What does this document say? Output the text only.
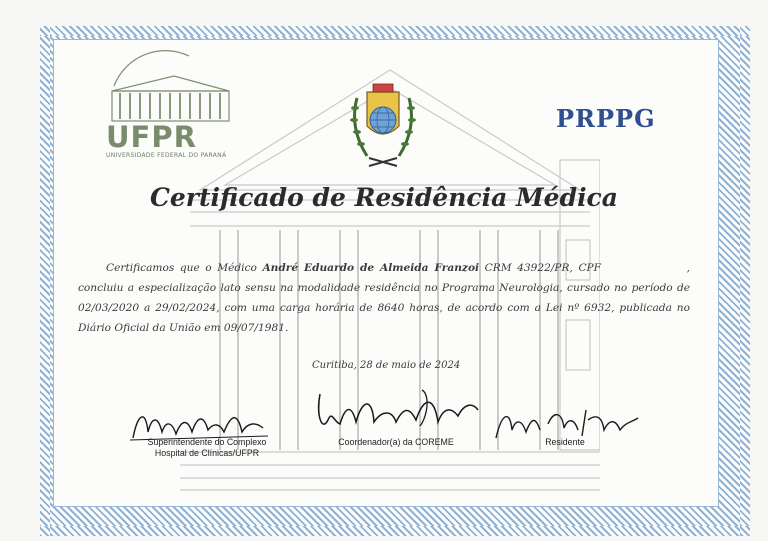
UFPR
UNIVERSIDADE FEDERAL DO PARANÁ
PRPPG
Certificado de Residência Médica
Certificamos que o Médico André Eduardo de Almeida Franzoi CRM 43922/PR, CPF	, concluiu a especialização lato sensu na modalidade residência no Programa Neurologia, cursado no período de 02/03/2020 a 29/02/2024, com uma carga horária de 8640 horas, de acordo com a Lei nº 6932, publicada no Diário Oficial da União em 09/07/1981.
Curitiba, 28 de maio de 2024
Superintendente do Complexo
Hospital de Clínicas/UFPR
Coordenador(a) da COREME	Residente
